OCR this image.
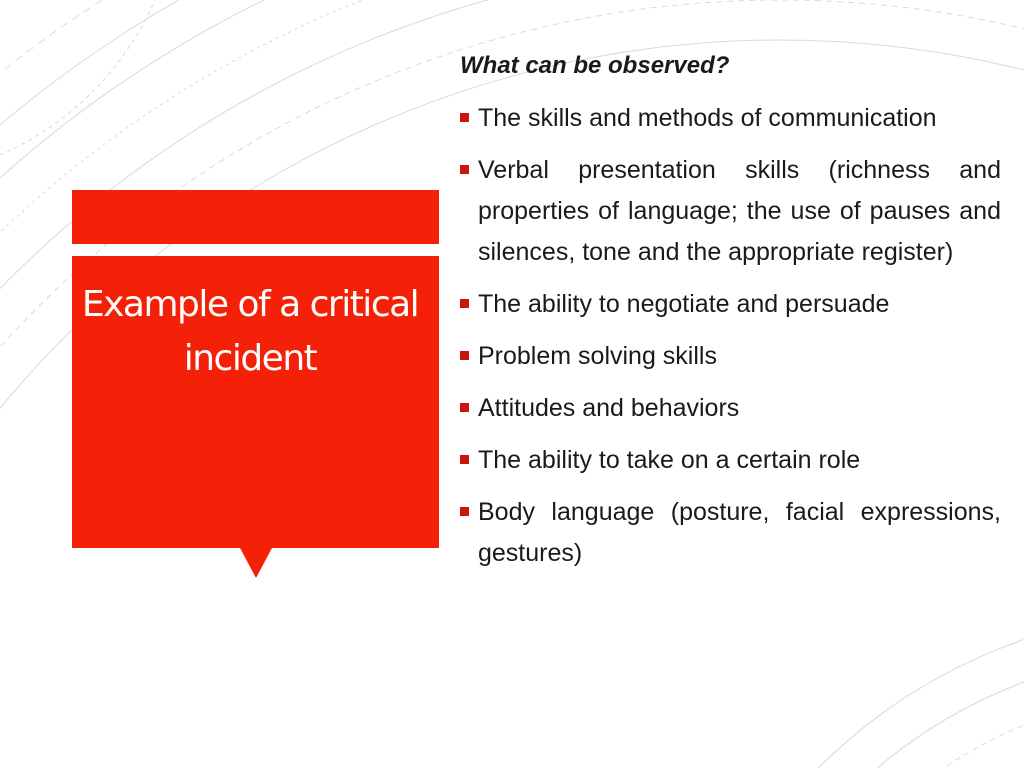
Example of a critical incident
What can be observed?
The skills and methods of communication
Verbal presentation skills (richness and properties of language; the use of pauses and silences, tone and the appropriate register)
The ability to negotiate and persuade
Problem solving skills
Attitudes and behaviors
The ability to take on a certain role
Body language (posture, facial expressions, gestures)
